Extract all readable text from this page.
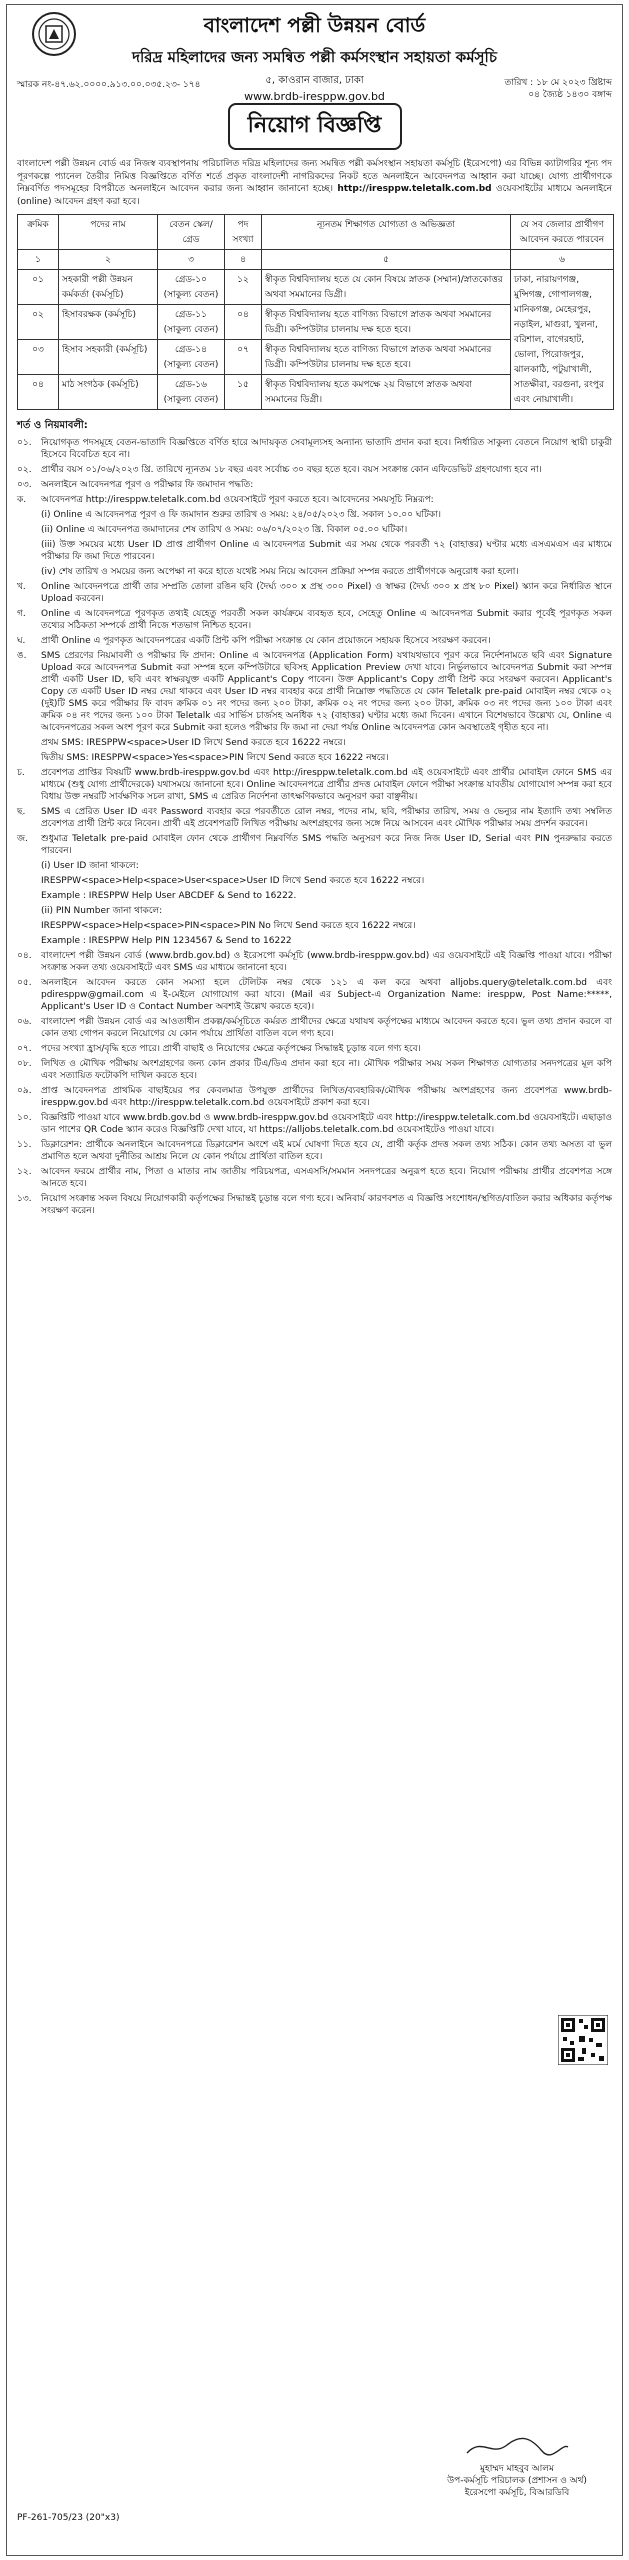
বাংলাদেশ পল্লী উন্নয়ন বোর্ড
দরিদ্র মহিলাদের জন্য সমন্বিত পল্লী কর্মসংস্থান সহায়তা কর্মসূচি
৫, কাওরান বাজার, ঢাকা
www.brdb-iresppw.gov.bd
স্মারক নং-৪৭.৬২.০০০০.৯১৩.০০.০৩৫.২৩- ১৭৪	তারিখ : ১৮ মে ২০২৩ খ্রিষ্টাব্দ
০৪ জ্যৈষ্ঠ ১৪৩০ বঙ্গাব্দ
নিয়োগ বিজ্ঞপ্তি
বাংলাদেশ পল্লী উন্নয়ন বোর্ড এর নিজস্ব ব্যবস্থাপনায় পরিচালিত দরিদ্র মহিলাদের জন্য সমন্বিত পল্লী কর্মসংস্থান সহায়তা কর্মসূচি (ইরেসপো) এর বিভিন্ন ক্যাটাগরির শূন্য পদ পূরণকল্পে প্যানেল তৈরীর নিমিত্ত বিজ্ঞপ্তিতে বর্ণিত শর্তে প্রকৃত বাংলাদেশী নাগরিকদের নিকট হতে অনলাইনে আবেদনপত্র আহ্বান করা যাচ্ছে। যোগ্য প্রার্থীগণকে নিম্নবর্ণিত পদসমূহের বিপরীতে অনলাইনে আবেদন করার জন্য আহ্বান জানানো হচ্ছে। http://iresppw.teletalk.com.bd ওয়েবসাইটের মাধ্যমে অনলাইনে (online) আবেদন গ্রহণ করা হবে।
ক্রমিক	পদের নাম	বেতন স্কেল/গ্রেড	পদ সংখ্যা	ন্যূনতম শিক্ষাগত যোগ্যতা ও অভিজ্ঞতা	যে সব জেলার প্রার্থীগণ আবেদন করতে পারবেন
১	২	৩	৪	৫	৬
০১	সহকারী পল্লী উন্নয়ন কর্মকর্তা (কর্মসূচি)	গ্রেড-১০ (সাকুল্য বেতন)	১২	স্বীকৃত বিশ্ববিদ্যালয় হতে যে কোন বিষয়ে স্নাতক (সম্মান)/স্নাতকোত্তর অথবা সমমানের ডিগ্রী।	ঢাকা, নারায়ণগঞ্জ, মুন্সিগঞ্জ, গোপালগঞ্জ, মানিকগঞ্জ, মেহেরপুর, নড়াইল, মাগুরা, খুলনা, বরিশাল, বাগেরহাট, ভোলা, পিরোজপুর, ঝালকাঠি, পটুয়াখালী, সাতক্ষীরা, বরগুনা, রংপুর এবং নোয়াখালী।
০২	হিসাবরক্ষক (কর্মসূচি)	গ্রেড-১১ (সাকুল্য বেতন)	০৪	স্বীকৃত বিশ্ববিদ্যালয় হতে বাণিজ্য বিভাগে স্নাতক অথবা সমমানের ডিগ্রী। কম্পিউটার চালনায় দক্ষ হতে হবে।	
০৩	হিসাব সহকারী (কর্মসূচি)	গ্রেড-১৪ (সাকুল্য বেতন)	০৭	স্বীকৃত বিশ্ববিদ্যালয় হতে বাণিজ্য বিভাগে স্নাতক অথবা সমমানের ডিগ্রী। কম্পিউটার চালনায় দক্ষ হতে হবে।	
০৪	মাঠ সংগঠক (কর্মসূচি)	গ্রেড-১৬ (সাকুল্য বেতন)	১৫	স্বীকৃত বিশ্ববিদ্যালয় হতে কমপক্ষে ২য় বিভাগে স্নাতক অথবা সমমানের ডিগ্রী।	
শর্ত ও নিয়মাবলী:
০১.	নিয়োগকৃত পদসমূহে বেতন-ভাতাদি বিজ্ঞপ্তিতে বর্ণিত হারে আদায়কৃত সেবামূল্যসহ অন্যান্য ভাতাদি প্রদান করা হবে। নির্ধারিত সাকুল্য বেতনে নিয়োগ স্থায়ী চাকুরী হিসেবে বিবেচিত হবে না।
০২.	প্রার্থীর বয়স ০১/০৬/২০২৩ খ্রি. তারিখে ন্যূনতম ১৮ বছর এবং সর্বোচ্চ ৩০ বছর হতে হবে। বয়স সংক্রান্ত কোন এফিডেভিট গ্রহণযোগ্য হবে না।
০৩.	অনলাইনে আবেদনপত্র পূরণ ও পরীক্ষার ফি জমাদান পদ্ধতি:
ক.	আবেদনপত্র http://iresppw.teletalk.com.bd ওয়েবসাইটে পূরণ করতে হবে। আবেদনের সময়সূচি নিম্নরূপ:
(i) Online এ আবেদনপত্র পূরণ ও ফি জমাদান শুরুর তারিখ ও সময়: ২৪/০৫/২০২৩ খ্রি. সকাল ১০.০০ ঘটিকা।
(ii) Online এ আবেদনপত্র জমাদানের শেষ তারিখ ও সময়: ০৬/০৭/২০২৩ খ্রি. বিকাল ০৫.০০ ঘটিকা।
(iii) উক্ত সময়ের মধ্যে User ID প্রাপ্ত প্রার্থীগণ Online এ আবেদনপত্র Submit এর সময় থেকে পরবর্তী ৭২ (বাহাত্তর) ঘণ্টার মধ্যে এসএমএস এর মাধ্যমে পরীক্ষার ফি জমা দিতে পারবেন।
(iv) শেষ তারিখ ও সময়ের জন্য অপেক্ষা না করে হাতে যথেষ্ট সময় নিয়ে আবেদন প্রক্রিয়া সম্পন্ন করতে প্রার্থীগণকে অনুরোধ করা হলো।
খ.	Online আবেদনপত্রে প্রার্থী তার সম্প্রতি তোলা রঙিন ছবি (দৈর্ঘ্য ৩০০ x প্রস্থ ৩০০ Pixel) ও স্বাক্ষর (দৈর্ঘ্য ৩০০ x প্রস্থ ৮০ Pixel) স্ক্যান করে নির্ধারিত স্থানে Upload করবেন।
গ.	Online এ আবেদনপত্রে পূরণকৃত তথ্যই যেহেতু পরবর্তী সকল কার্যক্রমে ব্যবহৃত হবে, সেহেতু Online এ আবেদনপত্র Submit করার পূর্বেই পূরণকৃত সকল তথ্যের সঠিকতা সম্পর্কে প্রার্থী নিজে শতভাগ নিশ্চিত হবেন।
ঘ.	প্রার্থী Online এ পূরণকৃত আবেদনপত্রের একটি প্রিন্ট কপি পরীক্ষা সংক্রান্ত যে কোন প্রয়োজনে সহায়ক হিসেবে সংরক্ষণ করবেন।
ঙ.	SMS প্রেরণের নিয়মাবলী ও পরীক্ষার ফি প্রদান: Online এ আবেদনপত্র (Application Form) যথাযথভাবে পূরণ করে নির্দেশনামতে ছবি এবং Signature Upload করে আবেদনপত্র Submit করা সম্পন্ন হলে কম্পিউটারে ছবিসহ Application Preview দেখা যাবে। নির্ভুলভাবে আবেদনপত্র Submit করা সম্পন্ন প্রার্থী একটি User ID, ছবি এবং স্বাক্ষরযুক্ত একটি Applicant's Copy পাবেন। উক্ত Applicant's Copy প্রার্থী প্রিন্ট করে সংরক্ষণ করবেন। Applicant's Copy তে একটি User ID নম্বর দেয়া থাকবে এবং User ID নম্বর ব্যবহার করে প্রার্থী নিম্নোক্ত পদ্ধতিতে যে কোন Teletalk pre-paid মোবাইল নম্বর থেকে ০২ (দুই)টি SMS করে পরীক্ষার ফি বাবদ ক্রমিক ০১ নং পদের জন্য ২০০ টাকা, ক্রমিক ০২ নং পদের জন্য ২০০ টাকা, ক্রমিক ০৩ নং পদের জন্য ১০০ টাকা এবং ক্রমিক ০৪ নং পদের জন্য ১০০ টাকা Teletalk এর সার্ভিস চার্জসহ অনধিক ৭২ (বাহাত্তর) ঘণ্টার মধ্যে জমা দিবেন। এখানে বিশেষভাবে উল্লেখ্য যে, Online এ আবেদনপত্রের সকল অংশ পূরণ করে Submit করা হলেও পরীক্ষার ফি জমা না দেয়া পর্যন্ত Online আবেদনপত্র কোন অবস্থাতেই গৃহীত হবে না।
প্রথম SMS: IRESPPW<space>User ID লিখে Send করতে হবে 16222 নম্বরে।
দ্বিতীয় SMS: IRESPPW<space>Yes<space>PIN লিখে Send করতে হবে 16222 নম্বরে।
চ.	প্রবেশপত্র প্রাপ্তির বিষয়টি www.brdb-iresppw.gov.bd এবং http://iresppw.teletalk.com.bd এই ওয়েবসাইটে এবং প্রার্থীর মোবাইল ফোনে SMS এর মাধ্যমে (শুধু যোগ্য প্রার্থীদেরকে) যথাসময়ে জানানো হবে। Online আবেদনপত্রে প্রার্থীর প্রদত্ত মোবাইল ফোনে পরীক্ষা সংক্রান্ত যাবতীয় যোগাযোগ সম্পন্ন করা হবে বিধায় উক্ত নম্বরটি সার্বক্ষণিক সচল রাখা, SMS এ প্রেরিত নির্দেশনা তাৎক্ষণিকভাবে অনুসরণ করা বাঞ্ছনীয়।
ছ.	SMS এ প্রেরিত User ID এবং Password ব্যবহার করে পরবর্তীতে রোল নম্বর, পদের নাম, ছবি, পরীক্ষার তারিখ, সময় ও ভেন্যুর নাম ইত্যাদি তথ্য সম্বলিত প্রবেশপত্র প্রার্থী প্রিন্ট করে নিবেন। প্রার্থী এই প্রবেশপত্রটি লিখিত পরীক্ষায় অংশগ্রহণের জন্য সঙ্গে নিয়ে আসবেন এবং মৌখিক পরীক্ষার সময় প্রদর্শন করবেন।
জ.	শুধুমাত্র Teletalk pre-paid মোবাইল ফোন থেকে প্রার্থীগণ নিম্নবর্ণিত SMS পদ্ধতি অনুসরণ করে নিজ নিজ User ID, Serial এবং PIN পুনরুদ্ধার করতে পারবেন।
(i) User ID জানা থাকলে:
IRESPPW<space>Help<space>User<space>User ID লিখে Send করতে হবে 16222 নম্বরে।
Example : IRESPPW Help User ABCDEF & Send to 16222.
(ii) PIN Number জানা থাকলে:
IRESPPW<space>Help<space>PIN<space>PIN No লিখে Send করতে হবে 16222 নম্বরে।
Example : IRESPPW Help PIN 1234567 & Send to 16222
০৪.	বাংলাদেশ পল্লী উন্নয়ন বোর্ড (www.brdb.gov.bd) ও ইরেসপো কর্মসূচি (www.brdb-iresppw.gov.bd) এর ওয়েবসাইটে এই বিজ্ঞপ্তি পাওয়া যাবে। পরীক্ষা সংক্রান্ত সকল তথ্য ওয়েবসাইটে এবং SMS এর মাধ্যমে জানানো হবে।
০৫.	অনলাইনে আবেদন করতে কোন সমস্যা হলে টেলিটক নম্বর থেকে ১২১ এ কল করে অথবা alljobs.query@teletalk.com.bd এবং pdiresppw@gmail.com এ ই-মেইলে যোগাযোগ করা যাবে। (Mail এর Subject-এ Organization Name: iresppw, Post Name:*****, Applicant's User ID ও Contact Number অবশ্যই উল্লেখ করতে হবে)।
০৬.	বাংলাদেশ পল্লী উন্নয়ন বোর্ড এর আওতাধীন প্রকল্প/কর্মসূচিতে কর্মরত প্রার্থীদের ক্ষেত্রে যথাযথ কর্তৃপক্ষের মাধ্যমে আবেদন করতে হবে। ভুল তথ্য প্রদান করলে বা কোন তথ্য গোপন করলে নিয়োগের যে কোন পর্যায়ে প্রার্থিতা বাতিল বলে গণ্য হবে।
০৭.	পদের সংখ্যা হ্রাস/বৃদ্ধি হতে পারে। প্রার্থী বাছাই ও নিয়োগের ক্ষেত্রে কর্তৃপক্ষের সিদ্ধান্তই চূড়ান্ত বলে গণ্য হবে।
০৮.	লিখিত ও মৌখিক পরীক্ষায় অংশগ্রহণের জন্য কোন প্রকার টিএ/ডিএ প্রদান করা হবে না। মৌখিক পরীক্ষার সময় সকল শিক্ষাগত যোগ্যতার সনদপত্রের মূল কপি এবং সত্যায়িত ফটোকপি দাখিল করতে হবে।
০৯.	প্রাপ্ত আবেদনপত্র প্রাথমিক বাছাইয়ের পর কেবলমাত্র উপযুক্ত প্রার্থীদের লিখিত/ব্যবহারিক/মৌখিক পরীক্ষায় অংশগ্রহণের জন্য প্রবেশপত্র www.brdb-iresppw.gov.bd এবং http://iresppw.teletalk.com.bd ওয়েবসাইটে প্রকাশ করা হবে।
১০.	বিজ্ঞপ্তিটি পাওয়া যাবে www.brdb.gov.bd ও www.brdb-iresppw.gov.bd ওয়েবসাইটে এবং http://iresppw.teletalk.com.bd ওয়েবসাইটে। এছাড়াও ডান পাশের QR Code স্ক্যান করেও বিজ্ঞপ্তিটি দেখা যাবে, যা https://alljobs.teletalk.com.bd ওয়েবসাইটেও পাওয়া যাবে।
১১.	ডিক্লারেশন: প্রার্থীকে অনলাইনে আবেদনপত্রে ডিক্লারেশন অংশে এই মর্মে ঘোষণা দিতে হবে যে, প্রার্থী কর্তৃক প্রদত্ত সকল তথ্য সঠিক। কোন তথ্য অসত্য বা ভুল প্রমাণিত হলে অথবা দুর্নীতির আশ্রয় নিলে যে কোন পর্যায়ে প্রার্থিতা বাতিল হবে।
১২.	আবেদন ফরমে প্রার্থীর নাম, পিতা ও মাতার নাম জাতীয় পরিচয়পত্র, এসএসসি/সমমান সনদপত্রের অনুরূপ হতে হবে। নিয়োগ পরীক্ষায় প্রার্থীর প্রবেশপত্র সঙ্গে আনতে হবে।
১৩.	নিয়োগ সংক্রান্ত সকল বিষয়ে নিয়োগকারী কর্তৃপক্ষের সিদ্ধান্তই চূড়ান্ত বলে গণ্য হবে। অনিবার্য কারণবশত এ বিজ্ঞপ্তি সংশোধন/স্থগিত/বাতিল করার অধিকার কর্তৃপক্ষ সংরক্ষণ করেন।
মুহাম্মদ মাহবুব আলম
উপ-কর্মসূচি পরিচালক (প্রশাসন ও অর্থ)
ইরেসপো কর্মসূচি, বিআরডিবি
PF-261-705/23 (20"x3)
